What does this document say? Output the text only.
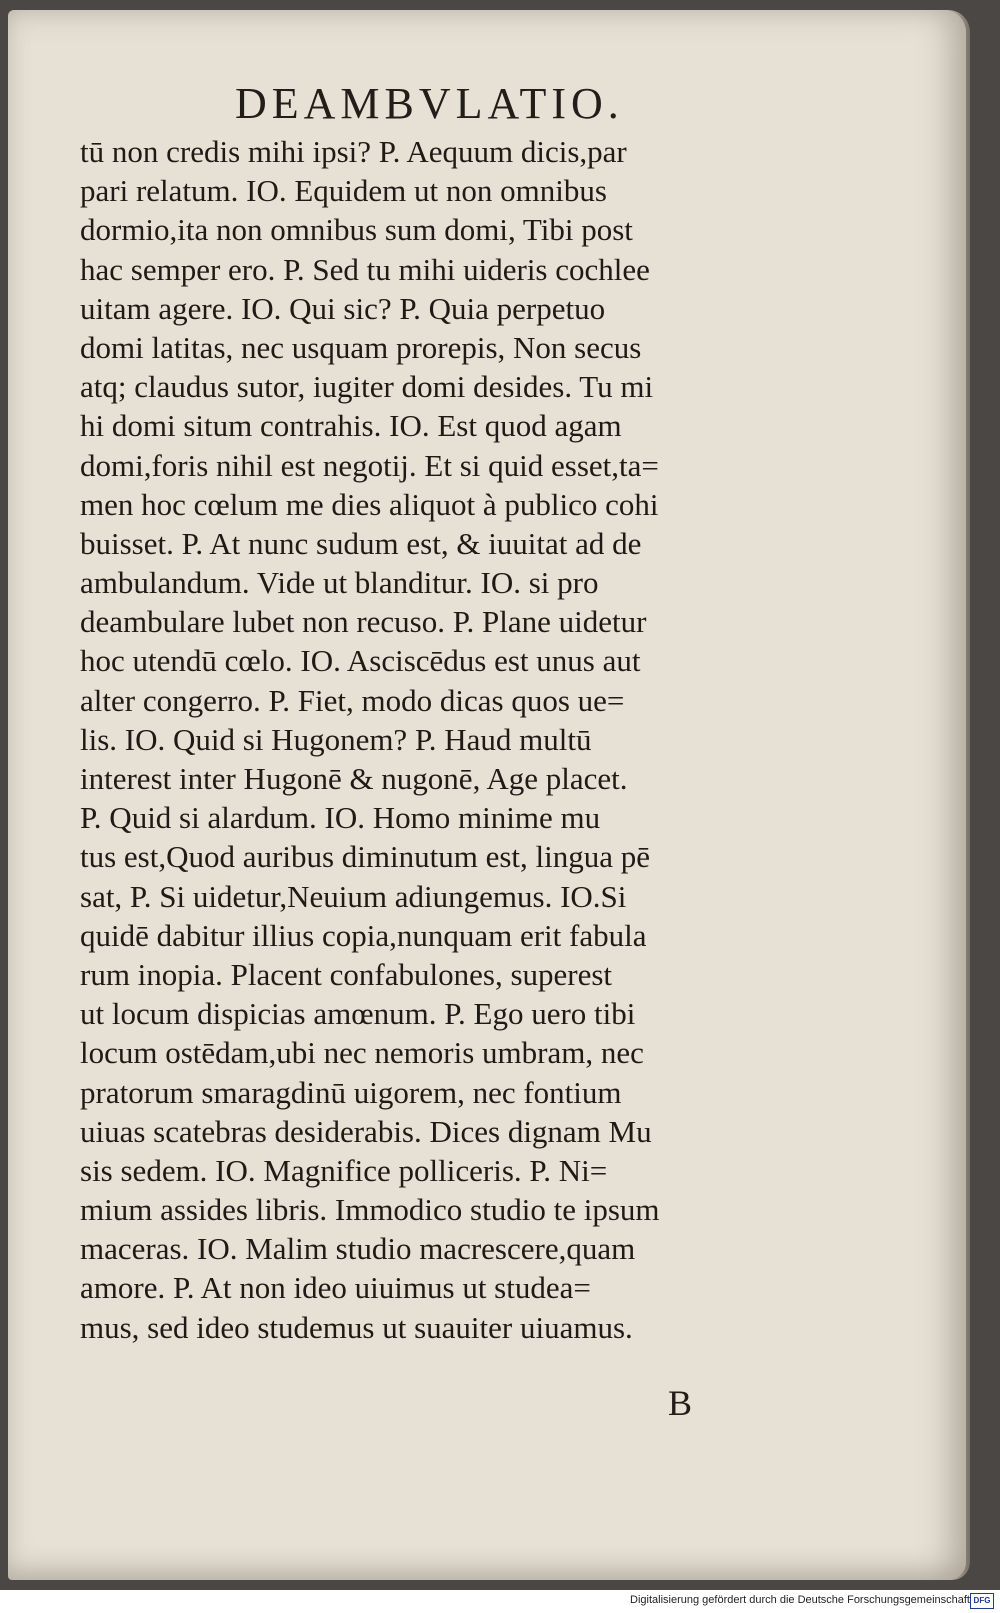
DEAMBVLATIO.
tū non credis mihi ipsi? P. Aequum dicis,par
pari relatum. IO. Equidem ut non omnibus
dormio,ita non omnibus sum domi, Tibi post
hac semper ero. P. Sed tu mihi uideris cochlee
uitam agere. IO. Qui sic? P. Quia perpetuo
domi latitas, nec usquam prorepis, Non secus
atq; claudus sutor, iugiter domi desides. Tu mi
hi domi situm contrahis. IO. Est quod agam
domi,foris nihil est negotij. Et si quid esset,ta=
men hoc cœlum me dies aliquot à publico cohi
buisset. P. At nunc sudum est, & iuuitat ad de
ambulandum. Vide ut blanditur. IO. si pro
deambulare lubet non recuso. P. Plane uidetur
hoc utendū cœlo. IO. Asciscēdus est unus aut
alter congerro. P. Fiet, modo dicas quos ue=
lis. IO. Quid si Hugonem? P. Haud multū
interest inter Hugonē & nugonē, Age placet.
P. Quid si alardum. IO. Homo minime mu
tus est,Quod auribus diminutum est, lingua pē
sat, P. Si uidetur,Neuium adiungemus. IO.Si
quidē dabitur illius copia,nunquam erit fabula
rum inopia. Placent confabulones, superest
ut locum dispicias amœnum. P. Ego uero tibi
locum ostēdam,ubi nec nemoris umbram, nec
pratorum smaragdinū uigorem, nec fontium
uiuas scatebras desiderabis. Dices dignam Mu
sis sedem. IO. Magnifice polliceris. P. Ni=
mium assides libris. Immodico studio te ipsum
maceras. IO. Malim studio macrescere,quam
amore. P. At non ideo uiuimus ut studea=
mus, sed ideo studemus ut suauiter uiuamus.
B
Digitalisierung gefördert durch die Deutsche Forschungsgemeinschaft DFG
